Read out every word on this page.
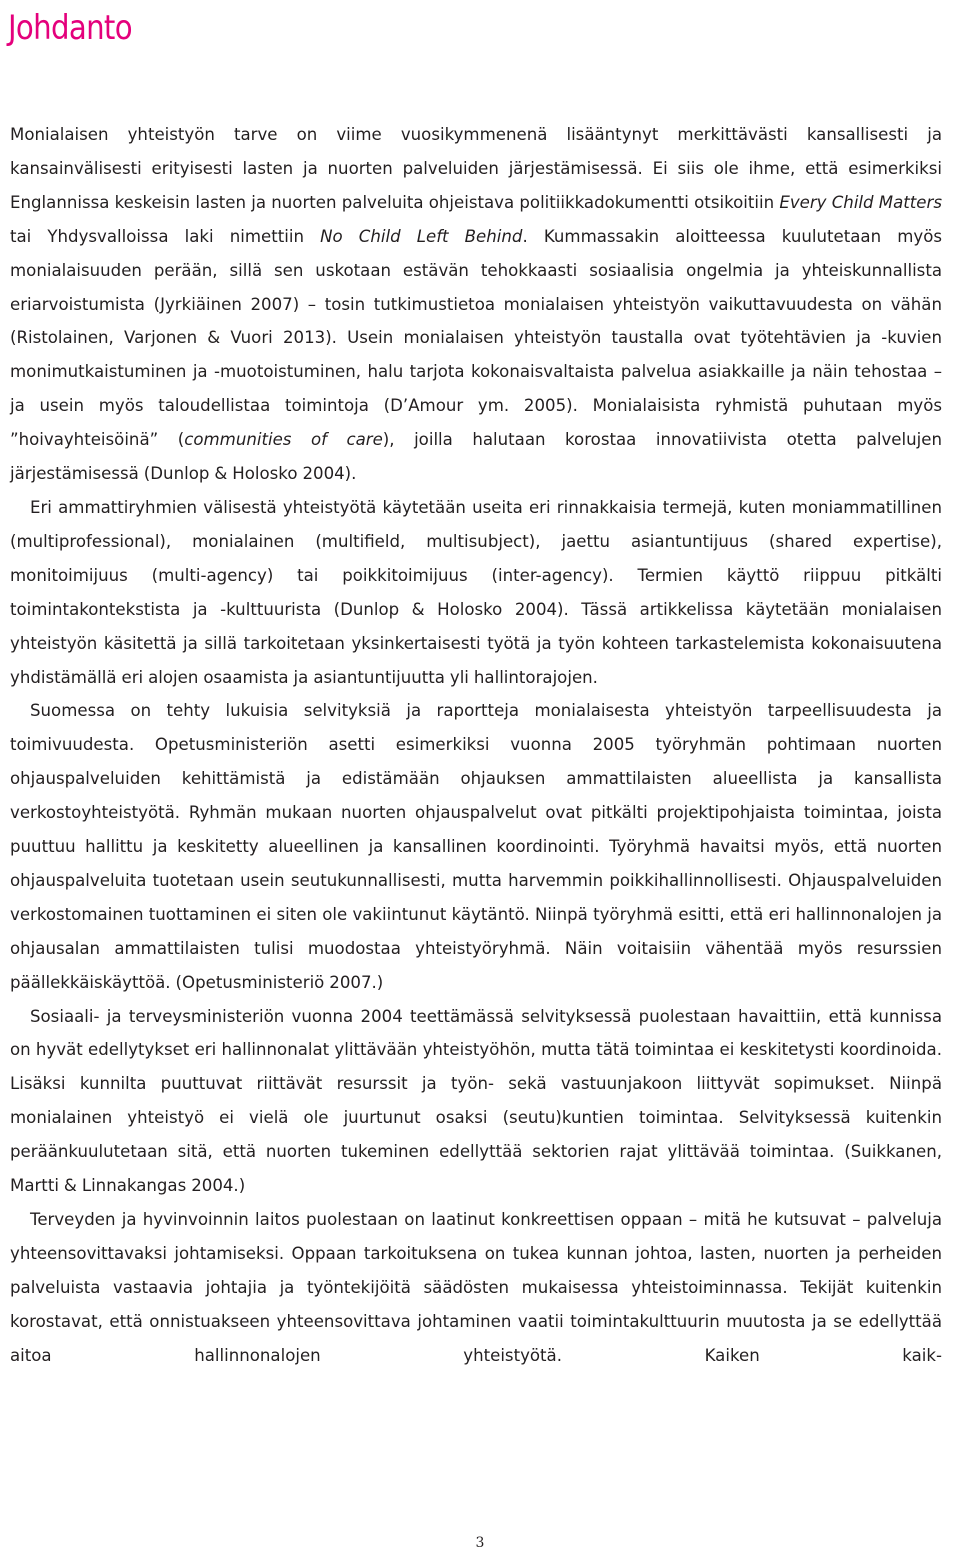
Johdanto

Monialaisen yhteistyön tarve on viime vuosikymmenenä lisääntynyt merkittävästi kansallisesti ja kansainvälisesti erityisesti lasten ja nuorten palveluiden järjestämisessä. Ei siis ole ihme, että esimerkiksi Englannissa keskeisin lasten ja nuorten palveluita ohjeistava politiikkadokumentti otsikoitiin Every Child Matters tai Yhdysvalloissa laki nimettiin No Child Left Behind. Kummassakin aloitteessa kuulutetaan myös monialaisuuden perään, sillä sen uskotaan estävän tehokkaasti sosiaalisia ongelmia ja yhteiskunnallista eriarvoistumista (Jyrkiäinen 2007) – tosin tutkimustietoa monialaisen yhteistyön vaikuttavuudesta on vähän (Ristolainen, Varjonen & Vuori 2013). Usein monialaisen yhteistyön taustalla ovat työtehtävien ja -kuvien monimutkaistuminen ja -muotoistuminen, halu tarjota kokonaisvaltaista palvelua asiakkaille ja näin tehostaa – ja usein myös taloudellistaa toimintoja (D’Amour ym. 2005). Monialaisista ryhmistä puhutaan myös ”hoivayhteisöinä” (communities of care), joilla halutaan korostaa innovatiivista otetta palvelujen järjestämisessä (Dunlop & Holosko 2004).

Eri ammattiryhmien välisestä yhteistyötä käytetään useita eri rinnakkaisia termejä, kuten moniammatillinen (multiprofessional), monialainen (multifield, multisubject), jaettu asiantuntijuus (shared expertise), monitoimijuus (multi-agency) tai poikkitoimijuus (inter-agency). Termien käyttö riippuu pitkälti toimintakontekstista ja -kulttuurista (Dunlop & Holosko 2004). Tässä artikkelissa käytetään monialaisen yhteistyön käsitettä ja sillä tarkoitetaan yksinkertaisesti työtä ja työn kohteen tarkastelemista kokonaisuutena yhdistämällä eri alojen osaamista ja asiantuntijuutta yli hallintorajojen.

Suomessa on tehty lukuisia selvityksiä ja raportteja monialaisesta yhteistyön tarpeellisuudesta ja toimivuudesta. Opetusministeriön asetti esimerkiksi vuonna 2005 työryhmän pohtimaan nuorten ohjauspalveluiden kehittämistä ja edistämään ohjauksen ammattilaisten alueellista ja kansallista verkostoyhteistyötä. Ryhmän mukaan nuorten ohjauspalvelut ovat pitkälti projektipohjaista toimintaa, joista puuttuu hallittu ja keskitetty alueellinen ja kansallinen koordinointi. Työryhmä havaitsi myös, että nuorten ohjauspalveluita tuotetaan usein seutukunnallisesti, mutta harvemmin poikkihallinnollisesti. Ohjauspalveluiden verkostomainen tuottaminen ei siten ole vakiintunut käytäntö. Niinpä työryhmä esitti, että eri hallinnonalojen ja ohjausalan ammattilaisten tulisi muodostaa yhteistyöryhmä. Näin voitaisiin vähentää myös resurssien päällekkäiskäyttöä. (Opetusministeriö 2007.)

Sosiaali- ja terveysministeriön vuonna 2004 teettämässä selvityksessä puolestaan havaittiin, että kunnissa on hyvät edellytykset eri hallinnonalat ylittävään yhteistyöhön, mutta tätä toimintaa ei keskitetysti koordinoida. Lisäksi kunnilta puuttuvat riittävät resurssit ja työn- sekä vastuunjakoon liittyvät sopimukset. Niinpä monialainen yhteistyö ei vielä ole juurtunut osaksi (seutu)kuntien toimintaa. Selvityksessä kuitenkin peräänkuulutetaan sitä, että nuorten tukeminen edellyttää sektorien rajat ylittävää toimintaa. (Suikkanen, Martti & Linnakangas 2004.)

Terveyden ja hyvinvoinnin laitos puolestaan on laatinut konkreettisen oppaan – mitä he kutsuvat – palveluja yhteensovittavaksi johtamiseksi. Oppaan tarkoituksena on tukea kunnan johtoa, lasten, nuorten ja perheiden palveluista vastaavia johtajia ja työntekijöitä säädösten mukaisessa yhteistoiminnassa. Tekijät kuitenkin korostavat, että onnistuakseen yhteensovittava johtaminen vaatii toimintakulttuurin muutosta ja se edellyttää aitoa hallinnonalojen yhteistyötä. Kaiken kaik-

3
